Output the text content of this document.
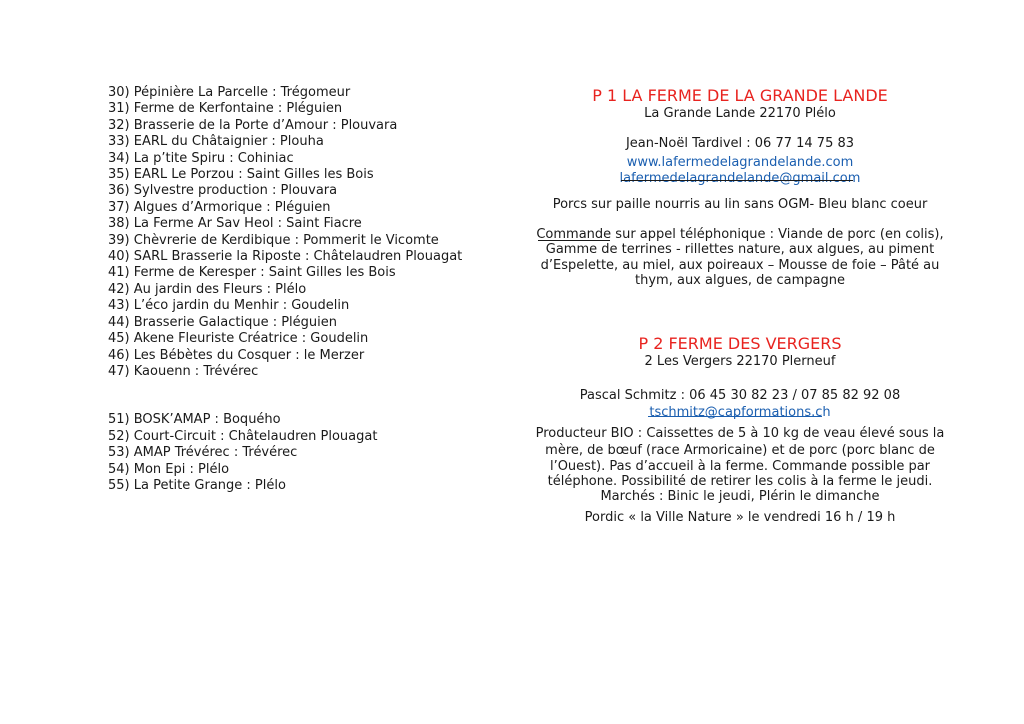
30) Pépinière La Parcelle : Trégomeur

31) Ferme de Kerfontaine : Pléguien

32) Brasserie de la Porte d’Amour : Plouvara

33) EARL du Châtaignier : Plouha

34) La p’tite Spiru : Cohiniac

35) EARL Le Porzou : Saint Gilles les Bois

36) Sylvestre production : Plouvara

37) Algues d’Armorique : Pléguien

38) La Ferme Ar Sav Heol : Saint Fiacre

39) Chèvrerie de Kerdibique : Pommerit le Vicomte

40) SARL Brasserie la Riposte : Châtelaudren Plouagat

41) Ferme de Keresper : Saint Gilles les Bois

42) Au jardin des Fleurs : Plélo

43) L’éco jardin du Menhir : Goudelin

44) Brasserie Galactique : Pléguien

45) Akene Fleuriste Créatrice : Goudelin

46) Les Bébètes du Cosquer : le Merzer

47) Kaouenn : Trévérec

51) BOSK’AMAP : Boquého

52) Court-Circuit : Châtelaudren Plouagat

53) AMAP Trévérec : Trévérec

54) Mon Epi : Plélo

55) La Petite Grange : Plélo

P 1 LA FERME DE LA GRANDE LANDE

La Grande Lande 22170 Plélo

Jean-Noël Tardivel : 06 77 14 75 83

www.lafermedelagrandelande.com

lafermedelagrandelande@gmail.com

Porcs sur paille nourris au lin sans OGM- Bleu blanc coeur

Commande sur appel téléphonique : Viande de porc (en colis),

Gamme de terrines - rillettes nature, aux algues, au piment

d’Espelette, au miel, aux poireaux – Mousse de foie – Pâté au

thym, aux algues, de campagne

P 2 FERME DES VERGERS

2 Les Vergers 22170 Plerneuf

Pascal Schmitz : 06 45 30 82 23 / 07 85 82 92 08

tschmitz@capformations.ch

Producteur BIO : Caissettes de 5 à 10 kg de veau élevé sous la

mère, de bœuf (race Armoricaine) et de porc (porc blanc de

l’Ouest). Pas d’accueil à la ferme. Commande possible par

téléphone. Possibilité de retirer les colis à la ferme le jeudi.

Marchés : Binic le jeudi, Plérin le dimanche

Pordic « la Ville Nature » le vendredi 16 h / 19 h
